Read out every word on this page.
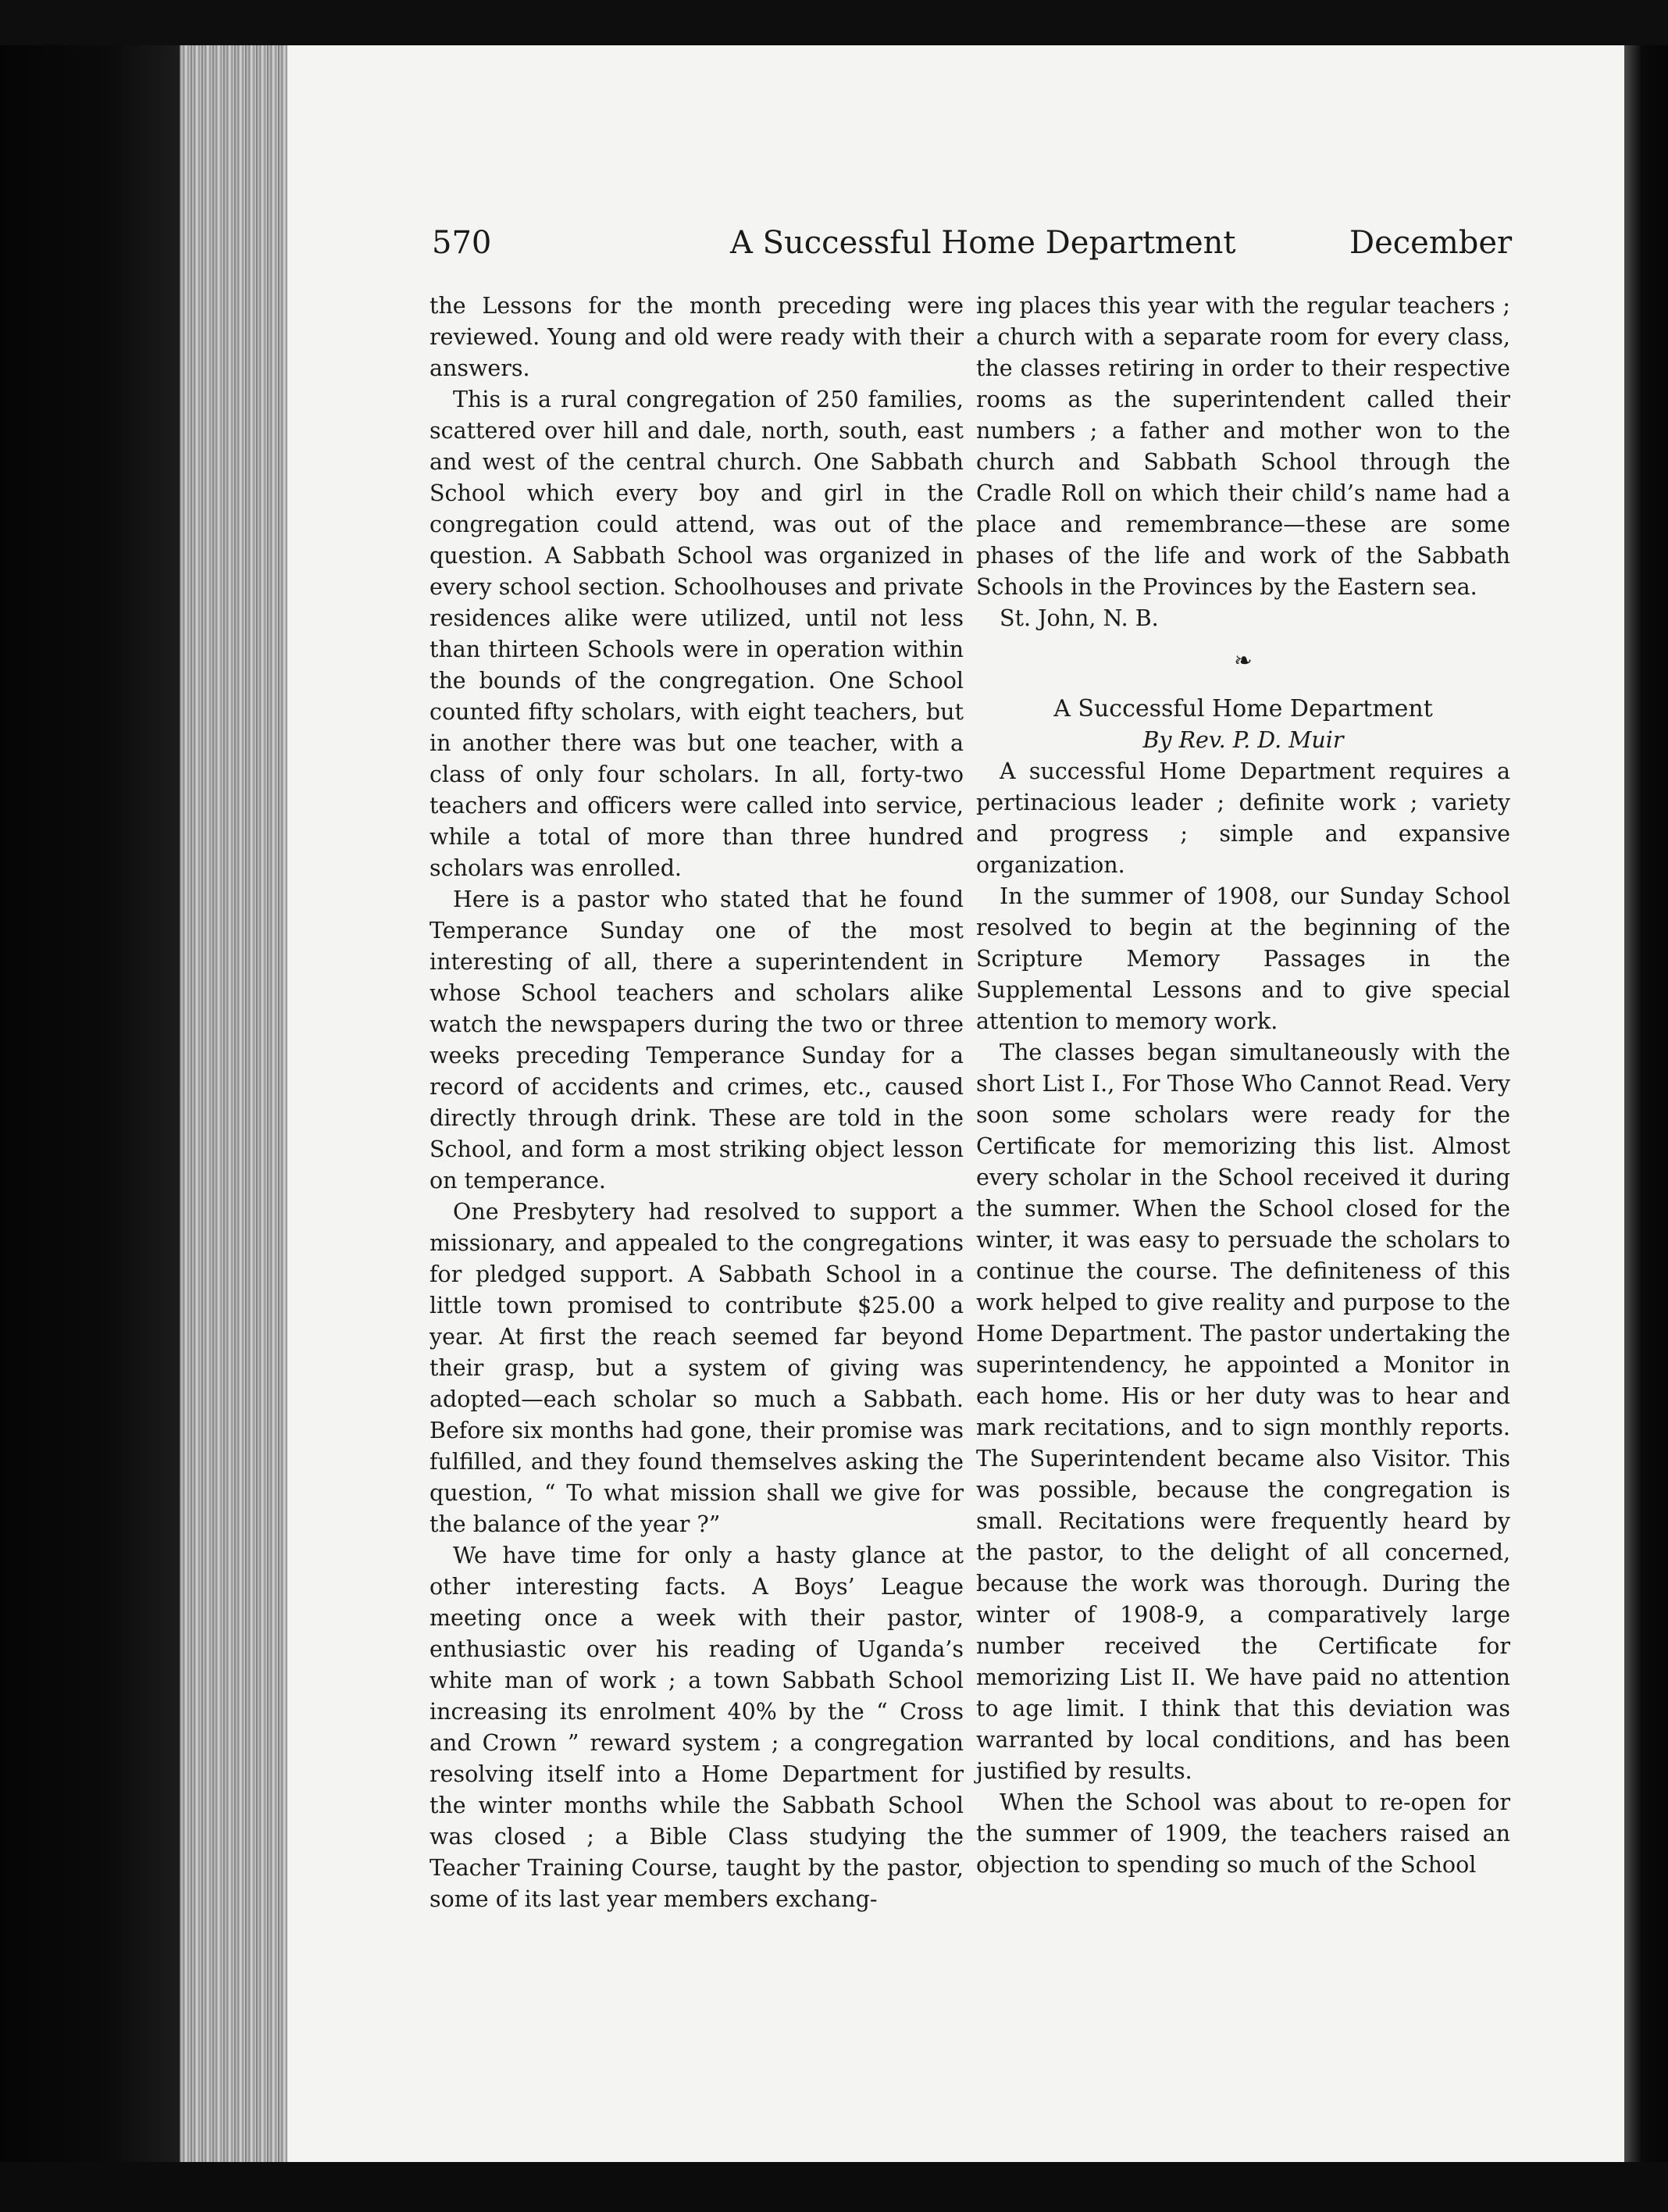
570	A Successful Home Department	December

the Lessons for the month preceding were reviewed. Young and old were ready with their answers.

This is a rural congregation of 250 families, scattered over hill and dale, north, south, east and west of the central church. One Sabbath School which every boy and girl in the congregation could attend, was out of the question. A Sabbath School was organized in every school section. Schoolhouses and private residences alike were utilized, until not less than thirteen Schools were in operation within the bounds of the congregation. One School counted fifty scholars, with eight teachers, but in another there was but one teacher, with a class of only four scholars. In all, forty-two teachers and officers were called into service, while a total of more than three hundred scholars was enrolled.

Here is a pastor who stated that he found Temperance Sunday one of the most interesting of all, there a superintendent in whose School teachers and scholars alike watch the newspapers during the two or three weeks preceding Temperance Sunday for a record of accidents and crimes, etc., caused directly through drink. These are told in the School, and form a most striking object lesson on temperance.

One Presbytery had resolved to support a missionary, and appealed to the congregations for pledged support. A Sabbath School in a little town promised to contribute $25.00 a year. At first the reach seemed far beyond their grasp, but a system of giving was adopted—each scholar so much a Sabbath. Before six months had gone, their promise was fulfilled, and they found themselves asking the question, “ To what mission shall we give for the balance of the year ?”

We have time for only a hasty glance at other interesting facts. A Boys’ League meeting once a week with their pastor, enthusiastic over his reading of Uganda’s white man of work ; a town Sabbath School increasing its enrolment 40% by the “ Cross and Crown ” reward system ; a congregation resolving itself into a Home Department for the winter months while the Sabbath School was closed ; a Bible Class studying the Teacher Training Course, taught by the pastor, some of its last year members exchang-

ing places this year with the regular teachers ; a church with a separate room for every class, the classes retiring in order to their respective rooms as the superintendent called their numbers ; a father and mother won to the church and Sabbath School through the Cradle Roll on which their child’s name had a place and remembrance—these are some phases of the life and work of the Sabbath Schools in the Provinces by the Eastern sea.

St. John, N. B.

❧
A Successful Home Department
By Rev. P. D. Muir

A successful Home Department requires a pertinacious leader ; definite work ; variety and progress ; simple and expansive organization.

In the summer of 1908, our Sunday School resolved to begin at the beginning of the Scripture Memory Passages in the Supplemental Lessons and to give special attention to memory work.

The classes began simultaneously with the short List I., For Those Who Cannot Read. Very soon some scholars were ready for the Certificate for memorizing this list. Almost every scholar in the School received it during the summer. When the School closed for the winter, it was easy to persuade the scholars to continue the course. The definiteness of this work helped to give reality and purpose to the Home Department. The pastor undertaking the superintendency, he appointed a Monitor in each home. His or her duty was to hear and mark recitations, and to sign monthly reports. The Superintendent became also Visitor. This was possible, because the congregation is small. Recitations were frequently heard by the pastor, to the delight of all concerned, because the work was thorough. During the winter of 1908-9, a comparatively large number received the Certificate for memorizing List II. We have paid no attention to age limit. I think that this deviation was warranted by local conditions, and has been justified by results.

When the School was about to re-open for the summer of 1909, the teachers raised an objection to spending so much of the School
